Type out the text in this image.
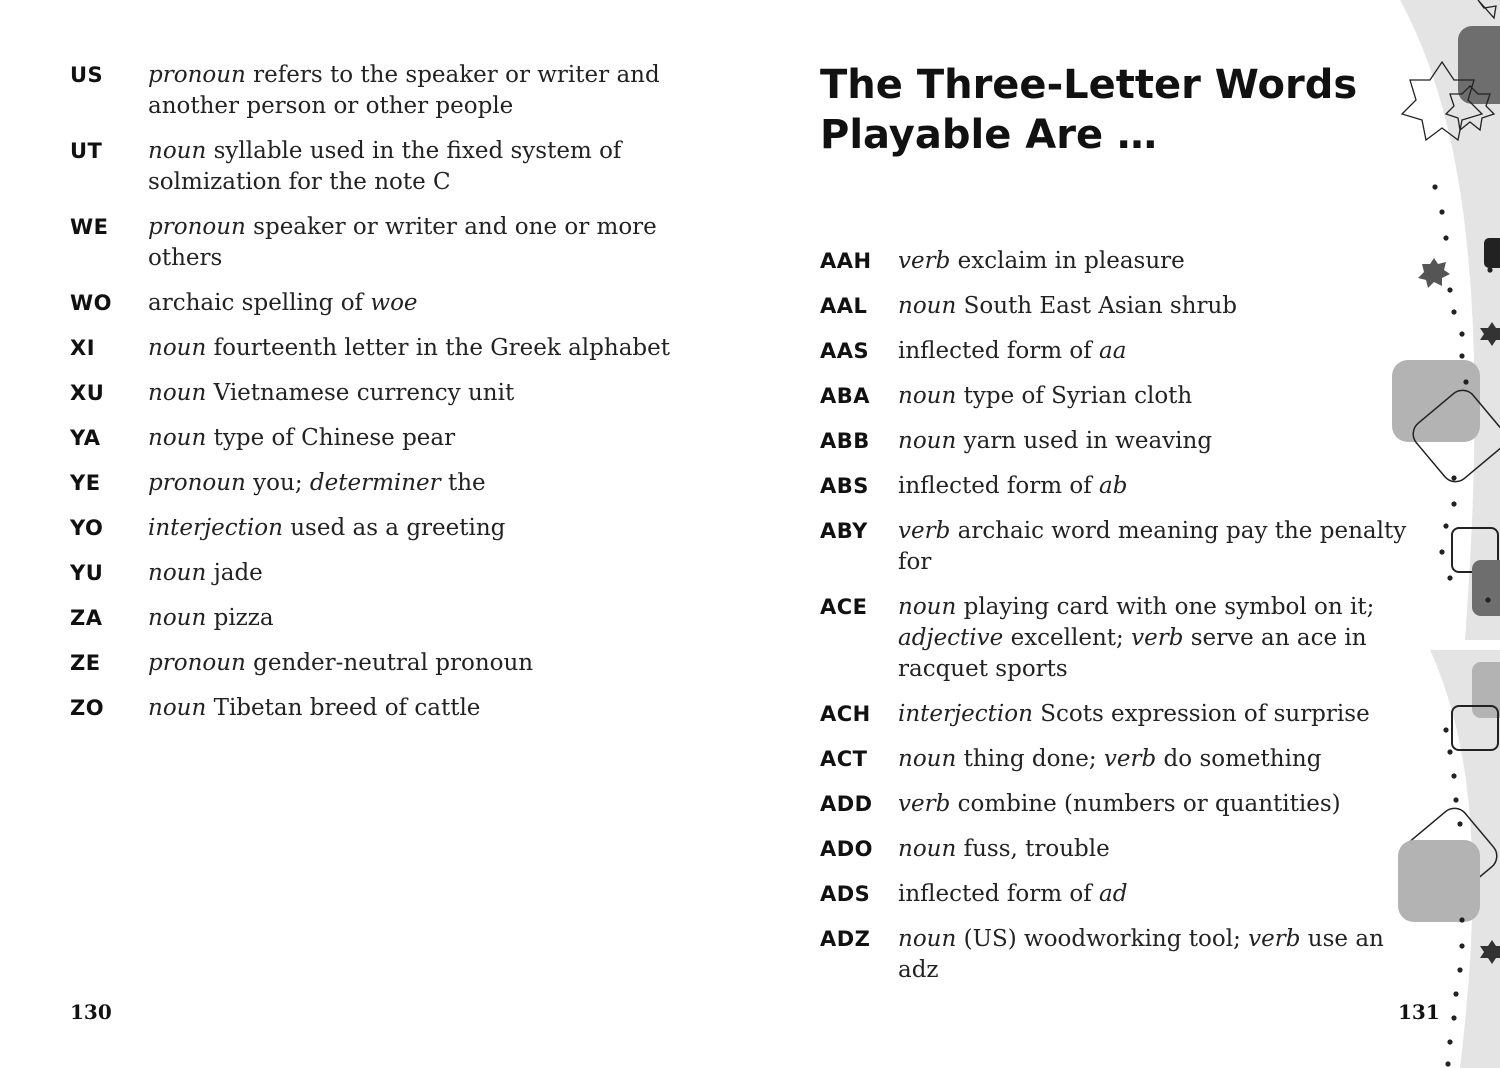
US	pronoun refers to the speaker or writer and another person or other people
UT	noun syllable used in the fixed system of solmization for the note C
WE	pronoun speaker or writer and one or more others
WO	archaic spelling of woe
XI	noun fourteenth letter in the Greek alphabet
XU	noun Vietnamese currency unit
YA	noun type of Chinese pear
YE	pronoun you; determiner the
YO	interjection used as a greeting
YU	noun jade
ZA	noun pizza
ZE	pronoun gender-neutral pronoun
ZO	noun Tibetan breed of cattle
130
The Three-Letter Words Playable Are …
AAH	verb exclaim in pleasure
AAL	noun South East Asian shrub
AAS	inflected form of aa
ABA	noun type of Syrian cloth
ABB	noun yarn used in weaving
ABS	inflected form of ab
ABY	verb archaic word meaning pay the penalty for
ACE	noun playing card with one symbol on it; adjective excellent; verb serve an ace in racquet sports
ACH	interjection Scots expression of surprise
ACT	noun thing done; verb do something
ADD	verb combine (numbers or quantities)
ADO	noun fuss, trouble
ADS	inflected form of ad
ADZ	noun (US) woodworking tool; verb use an adz
131
